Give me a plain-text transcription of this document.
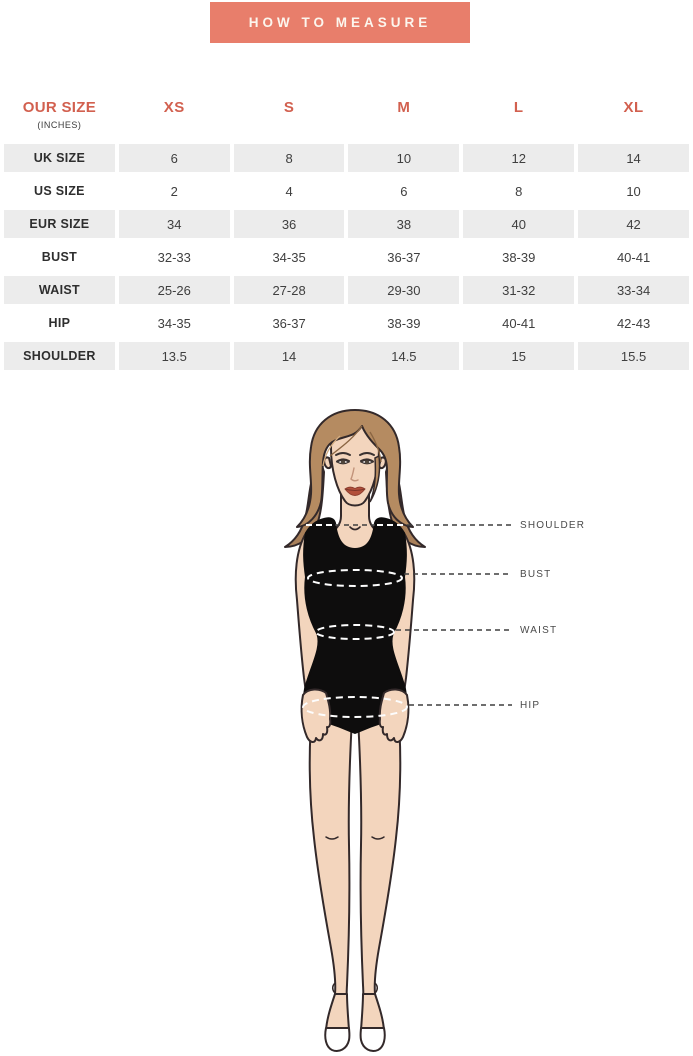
HOW TO MEASURE
OUR SIZE
(INCHES)	XS	S	M	L	XL
UK SIZE	6	8	10	12	14
US SIZE	2	4	6	8	10
EUR SIZE	34	36	38	40	42
BUST	32-33	34-35	36-37	38-39	40-41
WAIST	25-26	27-28	29-30	31-32	33-34
HIP	34-35	36-37	38-39	40-41	42-43
SHOULDER	13.5	14	14.5	15	15.5
SHOULDER
BUST
WAIST
HIP
